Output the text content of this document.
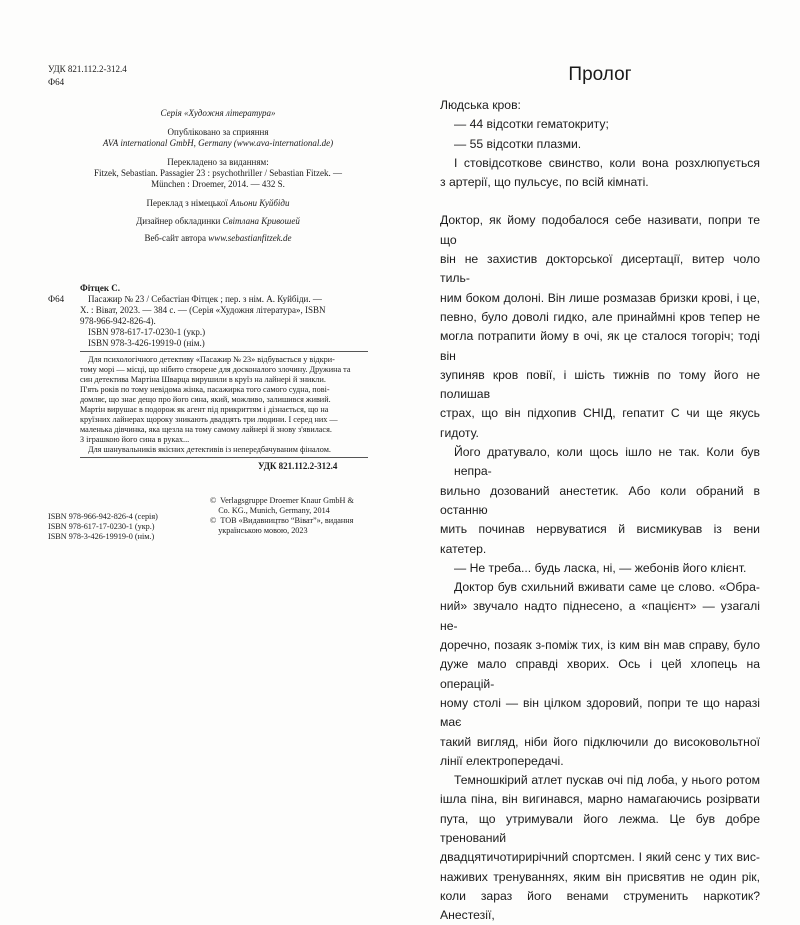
УДК 821.112.2-312.4
Ф64
Серія «Художня література»
Опубліковано за сприяння
AVA international GmbH, Germany (www.ava-international.de)
Перекладено за виданням:
Fitzek, Sebastian. Passagier 23 : psychothriller / Sebastian Fitzek. —
München : Droemer, 2014. — 432 S.
Переклад з німецької Альони Куйбіди
Дизайнер обкладинки Світлана Кривошей
Веб-сайт автора www.sebastianfitzek.de
Фітцек С.
Ф64	Пасажир № 23 / Себастіан Фітцек ; пер. з нім. А. Куйбіди. —
Х. : Віват, 2023. — 384 с. — (Серія «Художня література», ISBN
978-966-942-826-4).
ISBN 978-617-17-0230-1 (укр.)
ISBN 978-3-426-19919-0 (нім.)
Для психологічного детективу «Пасажир № 23» відбувається у відкри-
тому морі — місці, що нібито створене для досконалого злочину. Дружина та
син детектива Мартіна Шварца вирушили в круїз на лайнері й зникли.
П'ять років по тому невідома жінка, пасажирка того самого судна, пові-
домляє, що знає дещо про його сина, який, можливо, залишився живий.
Мартін вирушає в подорож як агент під прикриттям і дізнається, що на
круїзних лайнерах щороку зникають двадцять три людини. І серед них —
маленька дівчинка, яка щезла на тому самому лайнері й знову з'явилася.
З іграшкою його сина в руках...
Для шанувальників якісних детективів із непередбачуваним фіналом.
УДК 821.112.2-312.4
ISBN 978-966-942-826-4 (серія)
ISBN 978-617-17-0230-1 (укр.)
ISBN 978-3-426-19919-0 (нім.)
©  Verlagsgruppe Droemer Knaur GmbH &
Co. KG., Munich, Germany, 2014
©  ТОВ «Видавництво “Віват”», видання
українською мовою, 2023
Пролог

Людська кров:

— 44 відсотки гематокриту;

— 55 відсотки плазми.

І стовідсоткове свинство, коли вона розхлюпується

з артерії, що пульсує, по всій кімнаті.

Доктор, як йому подобалося себе називати, попри те що

він не захистив докторської дисертації, витер чоло тиль-

ним боком долоні. Він лише розмазав бризки крові, і це,

певно, було доволі гидко, але принаймні кров тепер не

могла потрапити йому в очі, як це сталося тогоріч; тоді він

зупиняв кров повії, і шість тижнів по тому його не полишав

страх, що він підхопив СНІД, гепатит С чи ще якусь гидоту.

Його дратувало, коли щось ішло не так. Коли був непра-

вильно дозований анестетик. Або коли обраний в останню

мить починав нервуватися й висмикував із вени катетер.

— Не треба... будь ласка, ні, — жебонів його клієнт.

Доктор був схильний вживати саме це слово. «Обра-

ний» звучало надто піднесено, а «пацієнт» — узагалі не-

доречно, позаяк з-поміж тих, із ким він мав справу, було

дуже мало справді хворих. Ось і цей хлопець на операцій-

ному столі — він цілком здоровий, попри те що наразі має

такий вигляд, ніби його підключили до високовольтної

лінії електропередачі.

Темношкірий атлет пускав очі під лоба, у нього ротом

ішла піна, він вигинався, марно намагаючись розірвати

пута, що утримували його лежма. Це був добре тренований

двадцятичотирирічний спортсмен. І який сенс у тих вис-

наживих тренуваннях, яким він присвятив не один рік,

коли зараз його венами струменить наркотик? Анестезії,
